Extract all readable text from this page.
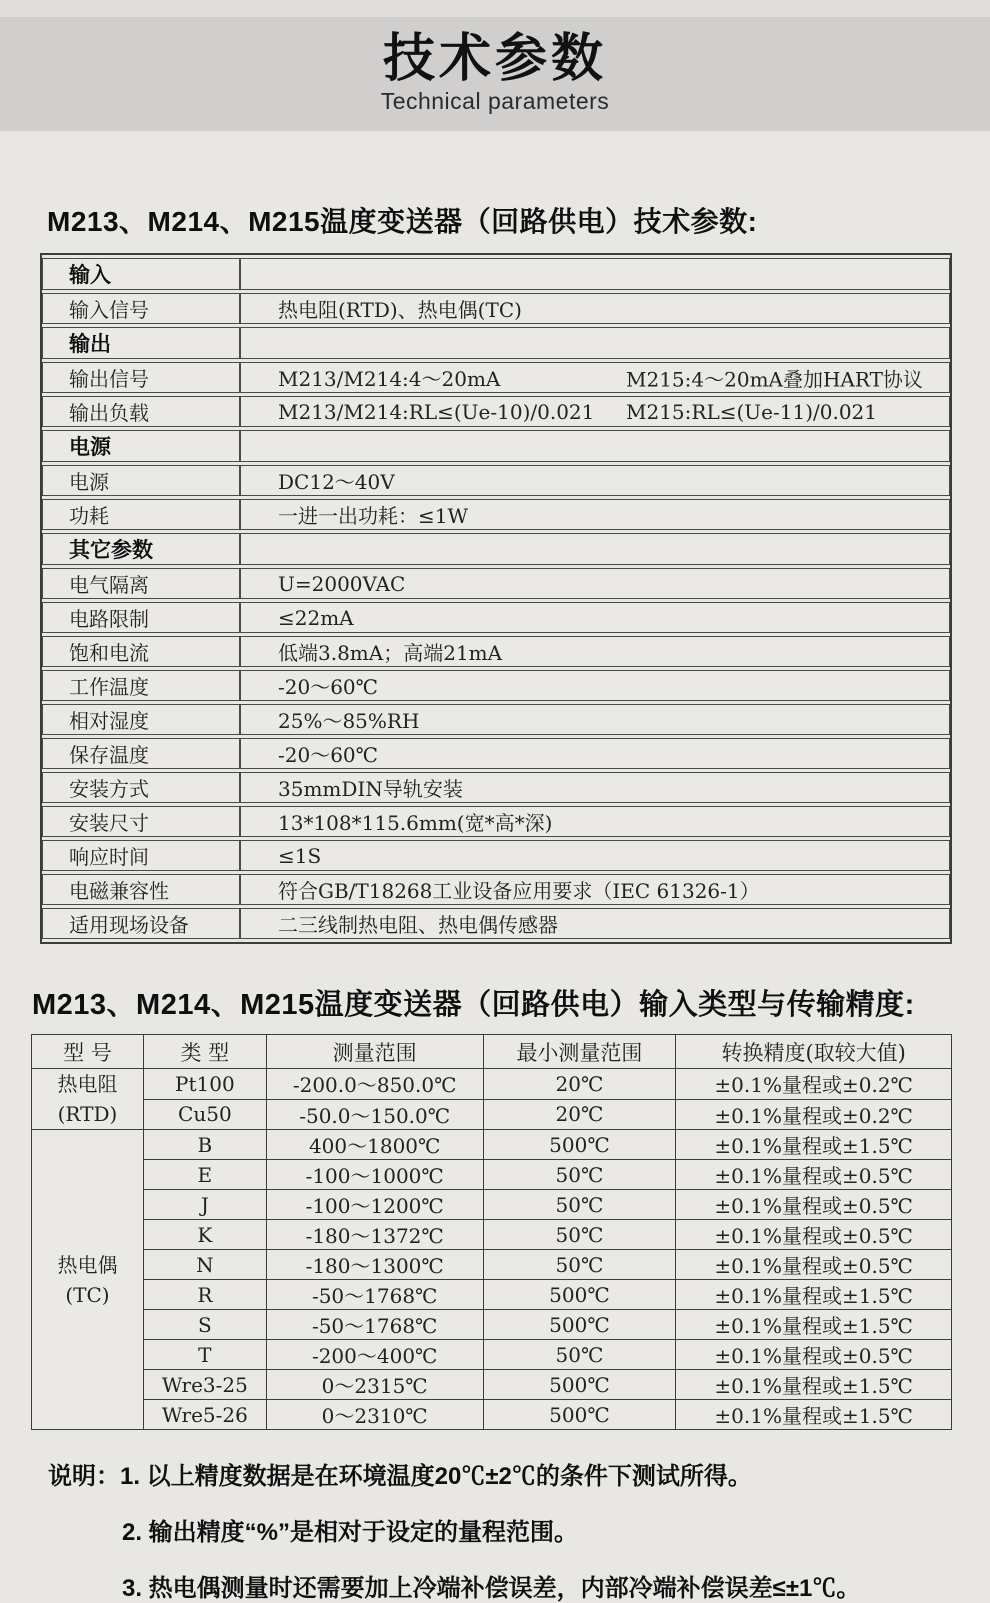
技术参数
Technical parameters
M213、M214、M215温度变送器（回路供电）技术参数:
输入	
输入信号	热电阻(RTD)、热电偶(TC)
输出	
输出信号	M213/M214:4～20mA M215:4～20mA叠加HART协议

输出负载	M213/M214:RL≤(Ue-10)/0.021 M215:RL≤(Ue-11)/0.021

电源	
电源	DC12～40V
功耗	一进一出功耗：≤1W
其它参数	
电气隔离	U=2000VAC
电路限制	≤22mA
饱和电流	低端3.8mA；高端21mA
工作温度	-20～60℃
相对湿度	25%～85%RH
保存温度	-20～60℃
安装方式	35mmDIN导轨安装
安装尺寸	13*108*115.6mm(宽*高*深)
响应时间	≤1S
电磁兼容性	符合GB/T18268工业设备应用要求（IEC 61326-1）
适用现场设备	二三线制热电阻、热电偶传感器
M213、M214、M215温度变送器（回路供电）输入类型与传输精度:
型 号	类 型	测量范围	最小测量范围	转换精度(取较大值)

热电阻
(RTD)	Pt100	-200.0～850.0℃	20℃	±0.1%量程或±0.2℃
	Cu50	-50.0～150.0℃	20℃	±0.1%量程或±0.2℃

热电偶
(TC)	B	400～1800℃	500℃	±0.1%量程或±1.5℃
	E	-100～1000℃	50℃	±0.1%量程或±0.5℃
	J	-100～1200℃	50℃	±0.1%量程或±0.5℃
	K	-180～1372℃	50℃	±0.1%量程或±0.5℃
	N	-180～1300℃	50℃	±0.1%量程或±0.5℃
	R	-50～1768℃	500℃	±0.1%量程或±1.5℃
	S	-50～1768℃	500℃	±0.1%量程或±1.5℃
	T	-200～400℃	50℃	±0.1%量程或±0.5℃
	Wre3-25	0～2315℃	500℃	±0.1%量程或±1.5℃
	Wre5-26	0～2310℃	500℃	±0.1%量程或±1.5℃
说明：1. 以上精度数据是在环境温度20℃±2℃的条件下测试所得。
2. 输出精度“%”是相对于设定的量程范围。
3. 热电偶测量时还需要加上冷端补偿误差，内部冷端补偿误差≤±1℃。
